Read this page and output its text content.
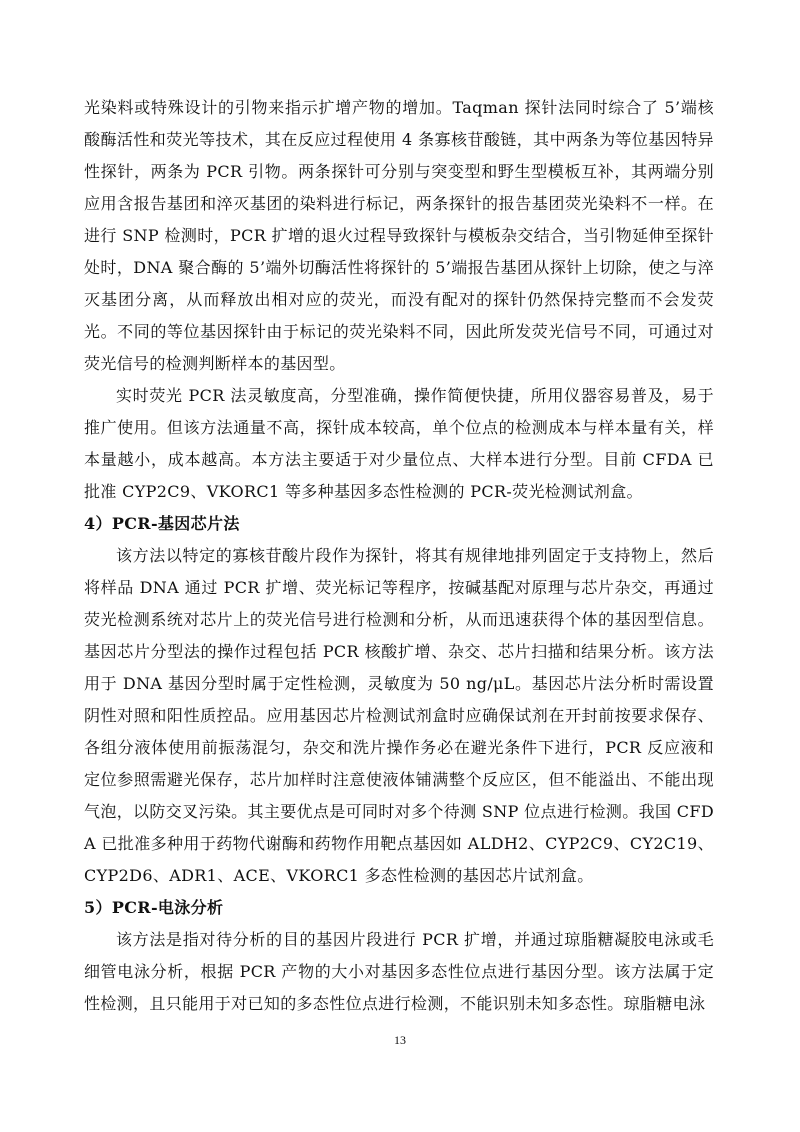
光染料或特殊设计的引物来指示扩增产物的增加。Taqman 探针法同时综合了 5’端核酸酶活性和荧光等技术，其在反应过程使用 4 条寡核苷酸链，其中两条为等位基因特异性探针，两条为 PCR 引物。两条探针可分别与突变型和野生型模板互补，其两端分别应用含报告基团和淬灭基团的染料进行标记，两条探针的报告基团荧光染料不一样。在进行 SNP 检测时，PCR 扩增的退火过程导致探针与模板杂交结合，当引物延伸至探针处时，DNA 聚合酶的 5’端外切酶活性将探针的 5’端报告基团从探针上切除，使之与淬灭基团分离，从而释放出相对应的荧光，而没有配对的探针仍然保持完整而不会发荧光。不同的等位基因探针由于标记的荧光染料不同，因此所发荧光信号不同，可通过对荧光信号的检测判断样本的基因型。

实时荧光 PCR 法灵敏度高，分型准确，操作简便快捷，所用仪器容易普及，易于推广使用。但该方法通量不高，探针成本较高，单个位点的检测成本与样本量有关，样本量越小，成本越高。本方法主要适于对少量位点、大样本进行分型。目前 CFDA 已批准 CYP2C9、VKORC1 等多种基因多态性检测的 PCR-荧光检测试剂盒。

4）PCR-基因芯片法

该方法以特定的寡核苷酸片段作为探针，将其有规律地排列固定于支持物上，然后将样品 DNA 通过 PCR 扩增、荧光标记等程序，按碱基配对原理与芯片杂交，再通过荧光检测系统对芯片上的荧光信号进行检测和分析，从而迅速获得个体的基因型信息。基因芯片分型法的操作过程包括 PCR 核酸扩增、杂交、芯片扫描和结果分析。该方法用于 DNA 基因分型时属于定性检测，灵敏度为 50 ng/μL。基因芯片法分析时需设置阴性对照和阳性质控品。应用基因芯片检测试剂盒时应确保试剂在开封前按要求保存、各组分液体使用前振荡混匀，杂交和洗片操作务必在避光条件下进行，PCR 反应液和定位参照需避光保存，芯片加样时注意使液体铺满整个反应区，但不能溢出、不能出现气泡，以防交叉污染。其主要优点是可同时对多个待测 SNP 位点进行检测。我国 CFDA 已批准多种用于药物代谢酶和药物作用靶点基因如 ALDH2、CYP2C9、CY2C19、CYP2D6、ADR1、ACE、VKORC1 多态性检测的基因芯片试剂盒。

5）PCR-电泳分析

该方法是指对待分析的目的基因片段进行 PCR 扩增，并通过琼脂糖凝胶电泳或毛细管电泳分析，根据 PCR 产物的大小对基因多态性位点进行基因分型。该方法属于定性检测，且只能用于对已知的多态性位点进行检测，不能识别未知多态性。琼脂糖电泳

13
